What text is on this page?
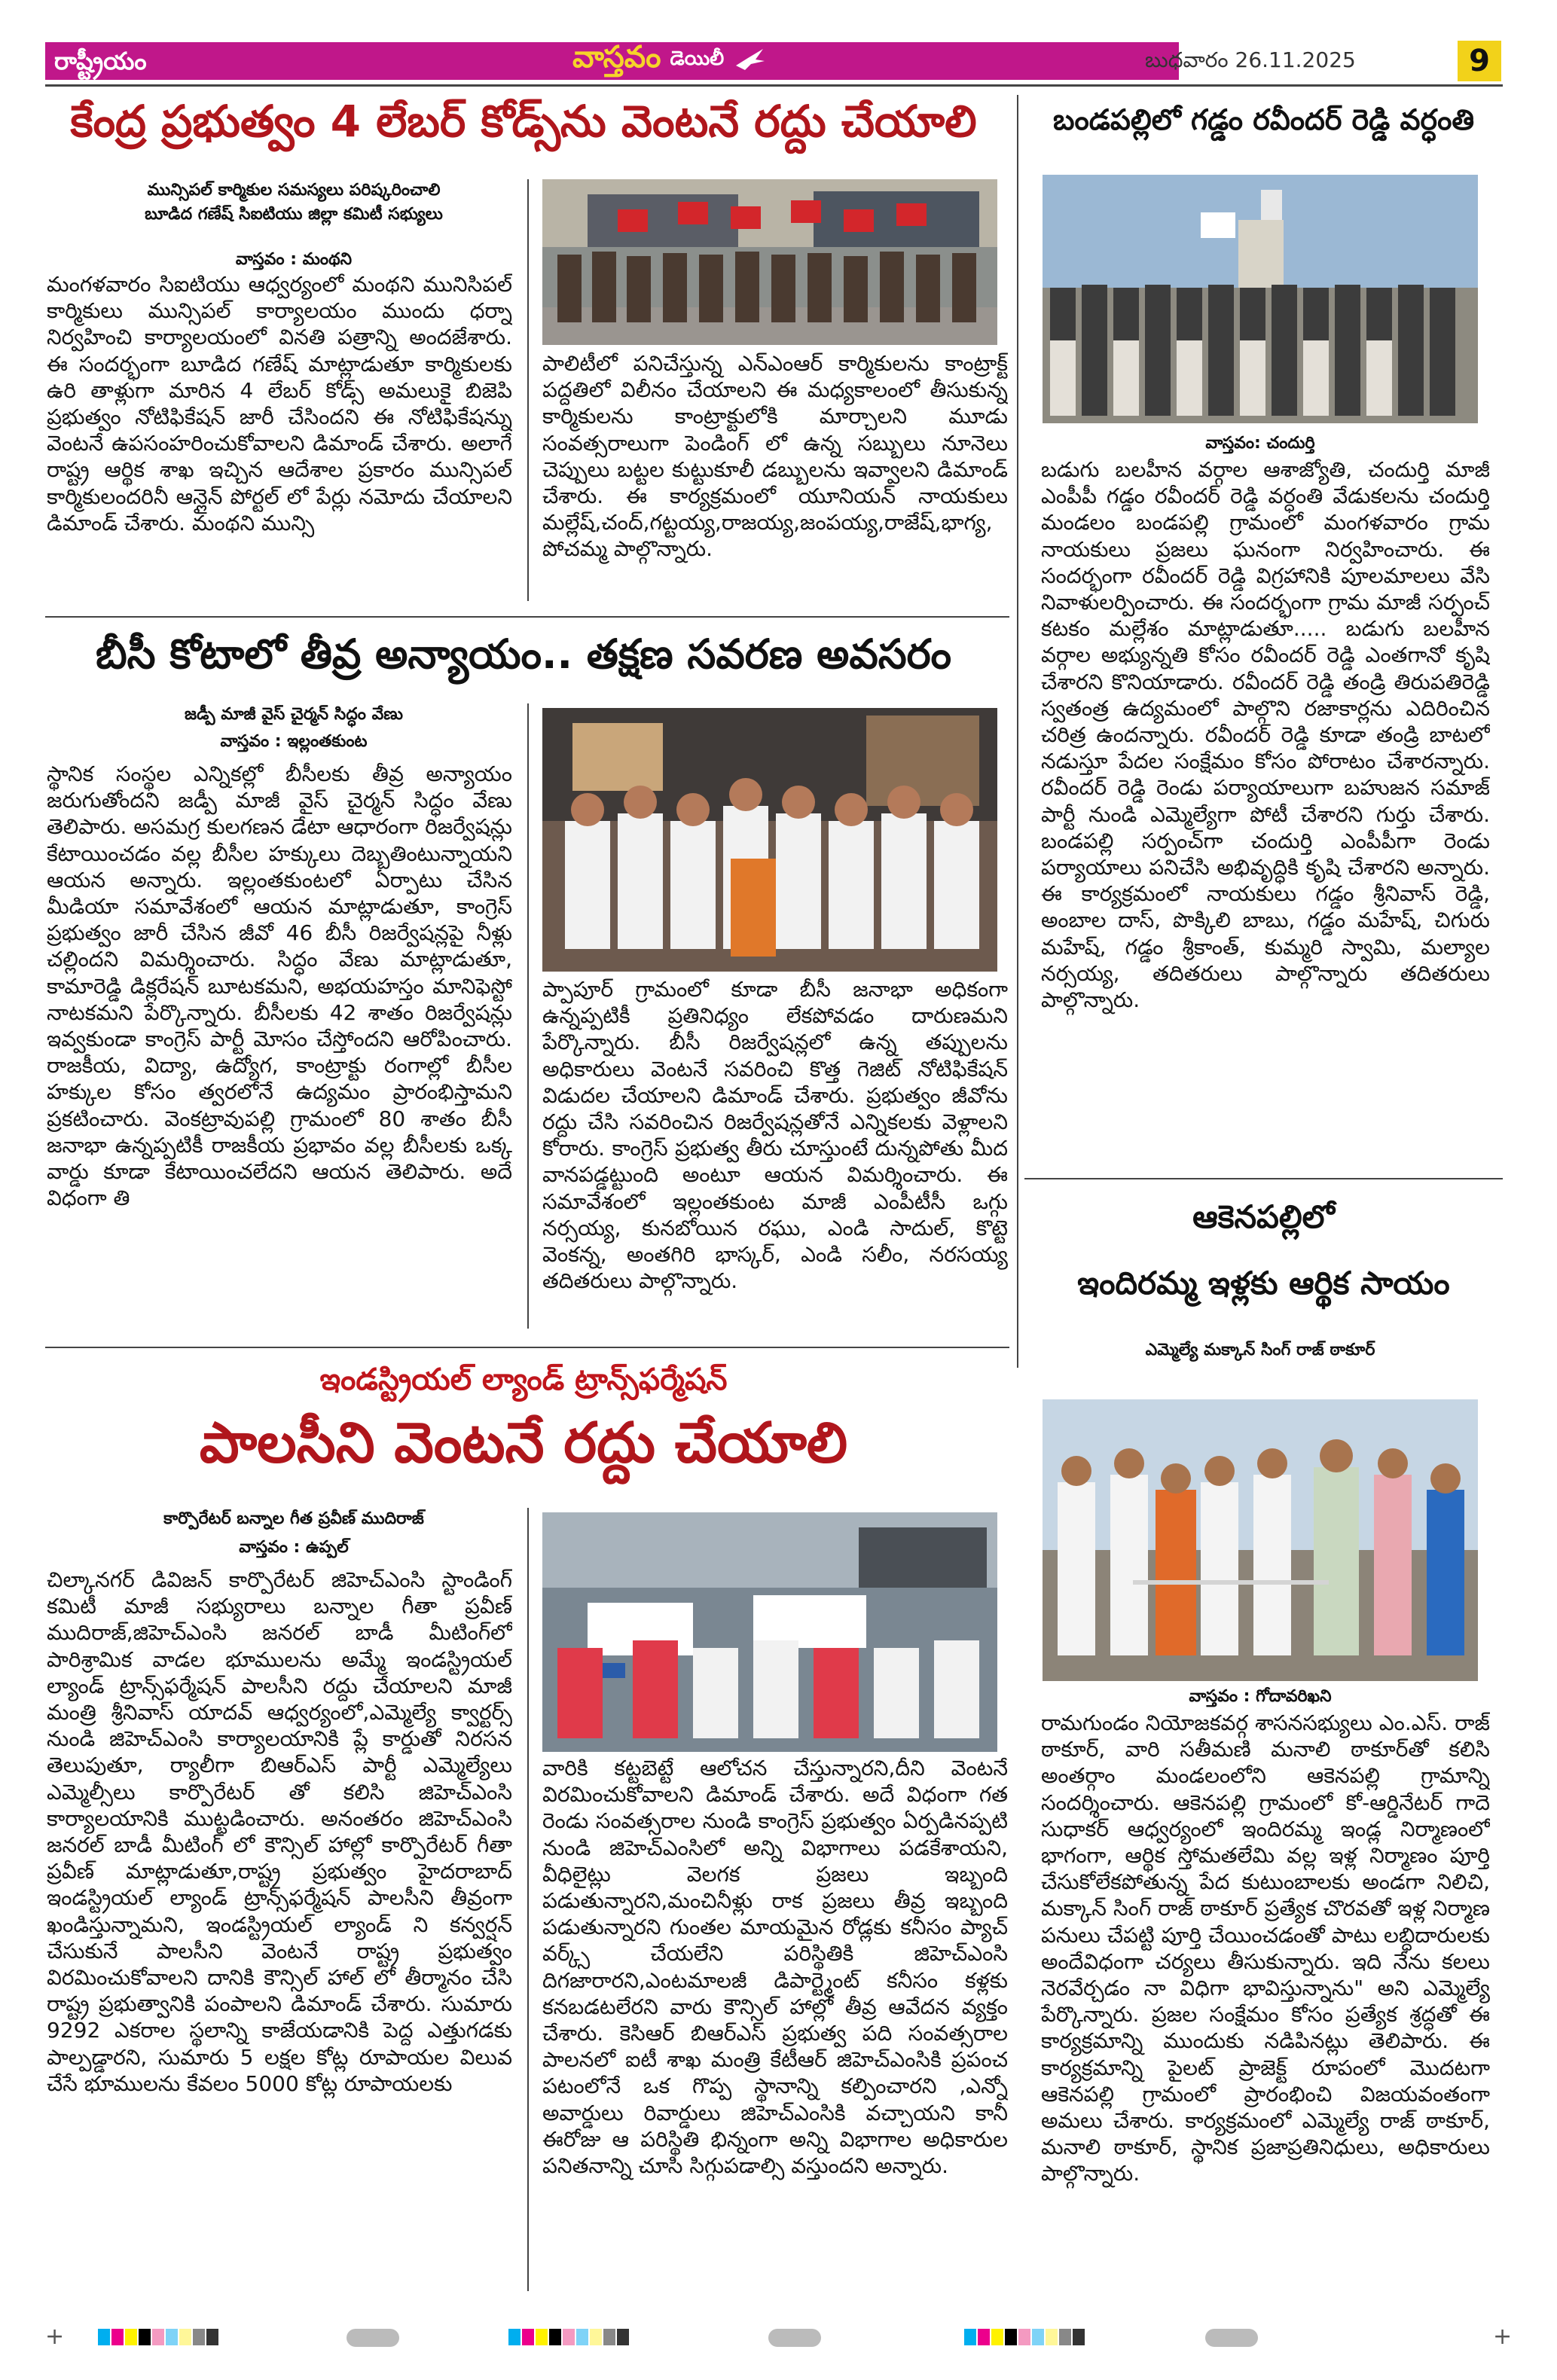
రాష్ట్రీయం	వాస్తవం డెయిలీ	బుధవారం 26.11.2025	9
కేంద్ర ప్రభుత్వం 4 లేబర్ కోడ్స్‌ను వెంటనే రద్దు చేయాలి
మున్సిపల్ కార్మికుల సమస్యలు పరిష్కరించాలి
బూడిద గణేష్ సిఐటియు జిల్లా కమిటీ సభ్యులు
వాస్తవం : మంథని
మంగళవారం సిఐటియు ఆధ్వర్యంలో మంథని మునిసిపల్ కార్మికులు మున్సిపల్ కార్యాలయం ముందు ధర్నా నిర్వహించి కార్యాలయంలో వినతి పత్రాన్ని అందజేశారు. ఈ సందర్భంగా బూడిద గణేష్ మాట్లాడుతూ కార్మికులకు ఉరి తాళ్లుగా మారిన 4 లేబర్ కోడ్స్ అమలుకై బిజెపి ప్రభుత్వం నోటిఫికేషన్ జారీ చేసిందని ఈ నోటిఫికేషన్ను వెంటనే ఉపసంహరించుకోవాలని డిమాండ్ చేశారు. అలాగే రాష్ట్ర ఆర్థిక శాఖ ఇచ్చిన ఆదేశాల ప్రకారం మున్సిపల్ కార్మికులందరినీ ఆన్లైన్ పోర్టల్ లో పేర్లు నమోదు చేయాలని డిమాండ్ చేశారు. మంథని మున్సి
పాలిటీలో పనిచేస్తున్న ఎన్ఎంఆర్ కార్మికులను కాంట్రాక్ట్ పద్దతిలో విలీనం చేయాలని ఈ మధ్యకాలంలో తీసుకున్న కార్మికులను కాంట్రాక్టులోకి మార్చాలని మూడు సంవత్సరాలుగా పెండింగ్ లో ఉన్న సబ్బులు నూనెలు చెప్పులు బట్టల కుట్టుకూలీ డబ్బులను ఇవ్వాలని డిమాండ్ చేశారు. ఈ కార్యక్రమంలో యూనియన్ నాయకులు మల్లేష్,చంద్,గట్టయ్య,రాజయ్య,జంపయ్య,రాజేష్,భాగ్య, పోచమ్మ పాల్గొన్నారు.
బీసీ కోటాలో తీవ్ర అన్యాయం.. తక్షణ సవరణ అవసరం
జడ్పీ మాజీ వైస్ చైర్మన్ సిద్ధం వేణు
వాస్తవం : ఇల్లంతకుంట
స్థానిక సంస్థల ఎన్నికల్లో బీసీలకు తీవ్ర అన్యాయం జరుగుతోందని జడ్పీ మాజీ వైస్ చైర్మన్ సిద్ధం వేణు తెలిపారు. అసమగ్ర కులగణన డేటా ఆధారంగా రిజర్వేషన్లు కేటాయించడం వల్ల బీసీల హక్కులు దెబ్బతింటున్నాయని ఆయన అన్నారు. ఇల్లంతకుంటలో ఏర్పాటు చేసిన మీడియా సమావేశంలో ఆయన మాట్లాడుతూ, కాంగ్రెస్ ప్రభుత్వం జారీ చేసిన జీవో 46 బీసీ రిజర్వేషన్లపై నీళ్లు చల్లిందని విమర్శించారు. సిద్ధం వేణు మాట్లాడుతూ, కామారెడ్డి డిక్లరేషన్ బూటకమని, అభయహస్తం మానిఫెస్టో నాటకమని పేర్కొన్నారు. బీసీలకు 42 శాతం రిజర్వేషన్లు ఇవ్వకుండా కాంగ్రెస్ పార్టీ మోసం చేస్తోందని ఆరోపించారు. రాజకీయ, విద్యా, ఉద్యోగ, కాంట్రాక్టు రంగాల్లో బీసీల హక్కుల కోసం త్వరలోనే ఉద్యమం ప్రారంభిస్తామని ప్రకటించారు. వెంకట్రావుపల్లి గ్రామంలో 80 శాతం బీసీ జనాభా ఉన్నప్పటికీ రాజకీయ ప్రభావం వల్ల బీసీలకు ఒక్క వార్డు కూడా కేటాయించలేదని ఆయన తెలిపారు. అదే విధంగా తి
ప్పాపూర్ గ్రామంలో కూడా బీసీ జనాభా అధికంగా ఉన్నప్పటికీ ప్రతినిధ్యం లేకపోవడం దారుణమని పేర్కొన్నారు. బీసీ రిజర్వేషన్లలో ఉన్న తప్పులను అధికారులు వెంటనే సవరించి కొత్త గెజిట్ నోటిఫికేషన్ విడుదల చేయాలని డిమాండ్ చేశారు. ప్రభుత్వం జీవోను రద్దు చేసి సవరించిన రిజర్వేషన్లతోనే ఎన్నికలకు వెళ్లాలని కోరారు. కాంగ్రెస్ ప్రభుత్వ తీరు చూస్తుంటే దున్నపోతు మీద వానపడ్డట్టుంది అంటూ ఆయన విమర్శించారు. ఈ సమావేశంలో ఇల్లంతకుంట మాజీ ఎంపీటీసీ ఒగ్గు నర్సయ్య, కునబోయిన రఘు, ఎండి సాదుల్, కొట్టె వెంకన్న, అంతగిరి భాస్కర్, ఎండి సలీం, నరసయ్య తదితరులు పాల్గొన్నారు.
ఇండస్ట్రియల్ ల్యాండ్ ట్రాన్స్‌ఫర్మేషన్
పాలసీని వెంటనే రద్దు చేయాలి
కార్పొరేటర్ బన్నాల గీత ప్రవీణ్ ముదిరాజ్
వాస్తవం : ఉప్పల్
చిల్కానగర్ డివిజన్ కార్పొరేటర్ జిహెచ్ఎంసి స్టాండింగ్ కమిటీ మాజీ సభ్యురాలు బన్నాల గీతా ప్రవీణ్ ముదిరాజ్,జిహెచ్ఎంసి జనరల్ బాడీ మీటింగ్‌లో పారిశ్రామిక వాడల భూములను అమ్మే ఇండస్ట్రియల్ ల్యాండ్ ట్రాన్స్‌ఫర్మేషన్ పాలసీని రద్దు చేయాలని మాజీ మంత్రి శ్రీనివాస్ యాదవ్ ఆధ్వర్యంలో,ఎమ్మెల్యే క్వార్టర్స్ నుండి జిహెచ్ఎంసి కార్యాలయానికి ప్లే కార్డుతో నిరసన తెలుపుతూ, ర్యాలీగా బిఆర్ఎస్ పార్టీ ఎమ్మెల్యేలు ఎమ్మెల్సీలు కార్పొరేటర్ తో కలిసి జిహెచ్ఎంసి కార్యాలయానికి ముట్టడించారు. అనంతరం జిహెచ్ఎంసి జనరల్ బాడీ మీటింగ్ లో కౌన్సిల్ హాల్లో కార్పొరేటర్ గీతా ప్రవీణ్ మాట్లాడుతూ,రాష్ట్ర ప్రభుత్వం హైదరాబాద్ ఇండస్ట్రియల్ ల్యాండ్ ట్రాన్స్‌ఫర్మేషన్ పాలసీని తీవ్రంగా ఖండిస్తున్నామని, ఇండస్ట్రియల్ ల్యాండ్ ని కన్వర్షన్ చేసుకునే పాలసీని వెంటనే రాష్ట్ర ప్రభుత్వం విరమించుకోవాలని దానికి కౌన్సిల్ హాల్ లో తీర్మానం చేసి రాష్ట్ర ప్రభుత్వానికి పంపాలని డిమాండ్ చేశారు. సుమారు 9292 ఎకరాల స్థలాన్ని కాజేయడానికి పెద్ద ఎత్తుగడకు పాల్పడ్డారని, సుమారు 5 లక్షల కోట్ల రూపాయల విలువ చేసే భూములను కేవలం 5000 కోట్ల రూపాయలకు
వారికి కట్టబెట్టే ఆలోచన చేస్తున్నారని,దీని వెంటనే విరమించుకోవాలని డిమాండ్ చేశారు. అదే విధంగా గత రెండు సంవత్సరాల నుండి కాంగ్రెస్ ప్రభుత్వం ఏర్పడినప్పటి నుండి జిహెచ్ఎంసిలో అన్ని విభాగాలు పడకేశాయని, వీధిలైట్లు వెలగక ప్రజలు ఇబ్బంది పడుతున్నారని,మంచినీళ్లు రాక ప్రజలు తీవ్ర ఇబ్బంది పడుతున్నారని గుంతల మాయమైన రోడ్లకు కనీసం ప్యాచ్ వర్క్స్ చేయలేని పరిస్థితికి జిహెచ్ఎంసి దిగజారారని,ఎంటమాలజీ డిపార్ట్మెంట్ కనీసం కళ్లకు కనబడటలేరని వారు కౌన్సిల్ హాల్లో తీవ్ర ఆవేదన వ్యక్తం చేశారు. కెసిఆర్ బిఆర్ఎస్ ప్రభుత్వ పది సంవత్సరాల పాలనలో ఐటీ శాఖ మంత్రి కేటీఆర్ జిహెచ్ఎంసికి ప్రపంచ పటంలోనే ఒక గొప్ప స్థానాన్ని కల్పించారని ,ఎన్నో అవార్డులు రివార్డులు జిహెచ్ఎంసికి వచ్చాయని కానీ ఈరోజు ఆ పరిస్థితి భిన్నంగా అన్ని విభాగాల అధికారుల పనితనాన్ని చూసి సిగ్గుపడాల్సి వస్తుందని అన్నారు.
బండపల్లిలో గడ్డం రవీందర్ రెడ్డి వర్ధంతి
వాస్తవం: చందుర్తి
బడుగు బలహీన వర్గాల ఆశాజ్యోతి, చందుర్తి మాజీ ఎంపీపీ గడ్డం రవీందర్ రెడ్డి వర్ధంతి వేడుకలను చందుర్తి మండలం బండపల్లి గ్రామంలో మంగళవారం గ్రామ నాయకులు ప్రజలు ఘనంగా నిర్వహించారు. ఈ సందర్భంగా రవీందర్ రెడ్డి విగ్రహానికి పూలమాలలు వేసి నివాళులర్పించారు. ఈ సందర్భంగా గ్రామ మాజీ సర్పంచ్ కటకం మల్లేశం మాట్లాడుతూ..... బడుగు బలహీన వర్గాల అభ్యున్నతి కోసం రవీందర్ రెడ్డి ఎంతగానో కృషి చేశారని కొనియాడారు. రవీందర్ రెడ్డి తండ్రి తిరుపతిరెడ్డి స్వతంత్ర ఉద్యమంలో పాల్గొని రజాకార్లను ఎదిరించిన చరిత్ర ఉందన్నారు. రవీందర్ రెడ్డి కూడా తండ్రి బాటలో నడుస్తూ పేదల సంక్షేమం కోసం పోరాటం చేశారన్నారు. రవీందర్ రెడ్డి రెండు పర్యాయాలుగా బహుజన సమాజ్ పార్టీ నుండి ఎమ్మెల్యేగా పోటీ చేశారని గుర్తు చేశారు. బండపల్లి సర్పంచ్‌గా చందుర్తి ఎంపీపీగా రెండు పర్యాయాలు పనిచేసి అభివృద్ధికి కృషి చేశారని అన్నారు. ఈ కార్యక్రమంలో నాయకులు గడ్డం శ్రీనివాస్ రెడ్డి, అంబాల దాస్, పొక్కిలి బాబు, గడ్డం మహేష్, చిగురు మహేష్, గడ్డం శ్రీకాంత్, కుమ్మరి స్వామి, మల్యాల నర్సయ్య, తదితరులు పాల్గొన్నారు తదితరులు పాల్గొన్నారు.
ఆకెనపల్లిలో
ఇందిరమ్మ ఇళ్లకు ఆర్థిక సాయం
ఎమ్మెల్యే మక్కాన్ సింగ్ రాజ్ ఠాకూర్
వాస్తవం : గోదావరిఖని
రామగుండం నియోజకవర్గ శాసనసభ్యులు ఎం.ఎస్. రాజ్ ఠాకూర్, వారి సతీమణి మనాలి ఠాకూర్‌తో కలిసి అంతర్గాం మండలంలోని ఆకెనపల్లి గ్రామాన్ని సందర్శించారు. ఆకెనపల్లి గ్రామంలో కో-ఆర్డినేటర్ గాదె సుధాకర్ ఆధ్వర్యంలో ఇందిరమ్మ ఇండ్ల నిర్మాణంలో భాగంగా, ఆర్థిక స్తోమతలేమి వల్ల ఇళ్ల నిర్మాణం పూర్తి చేసుకోలేకపోతున్న పేద కుటుంబాలకు అండగా నిలిచి, మక్కాన్ సింగ్ రాజ్ ఠాకూర్ ప్రత్యేక చొరవతో ఇళ్ల నిర్మాణ పనులు చేపట్టి పూర్తి చేయించడంతో పాటు లబ్ధిదారులకు అందేవిధంగా చర్యలు తీసుకున్నారు. ఇది నేను కలలు నెరవేర్చడం నా విధిగా భావిస్తున్నాను" అని ఎమ్మెల్యే పేర్కొన్నారు. ప్రజల సంక్షేమం కోసం ప్రత్యేక శ్రద్ధతో ఈ కార్యక్రమాన్ని ముందుకు నడిపినట్లు తెలిపారు. ఈ కార్యక్రమాన్ని పైలట్ ప్రాజెక్ట్ రూపంలో మొదటగా ఆకెనపల్లి గ్రామంలో ప్రారంభించి విజయవంతంగా అమలు చేశారు. కార్యక్రమంలో ఎమ్మెల్యే రాజ్ ఠాకూర్, మనాలి ఠాకూర్, స్థానిక ప్రజాప్రతినిధులు, అధికారులు పాల్గొన్నారు.
+	+
